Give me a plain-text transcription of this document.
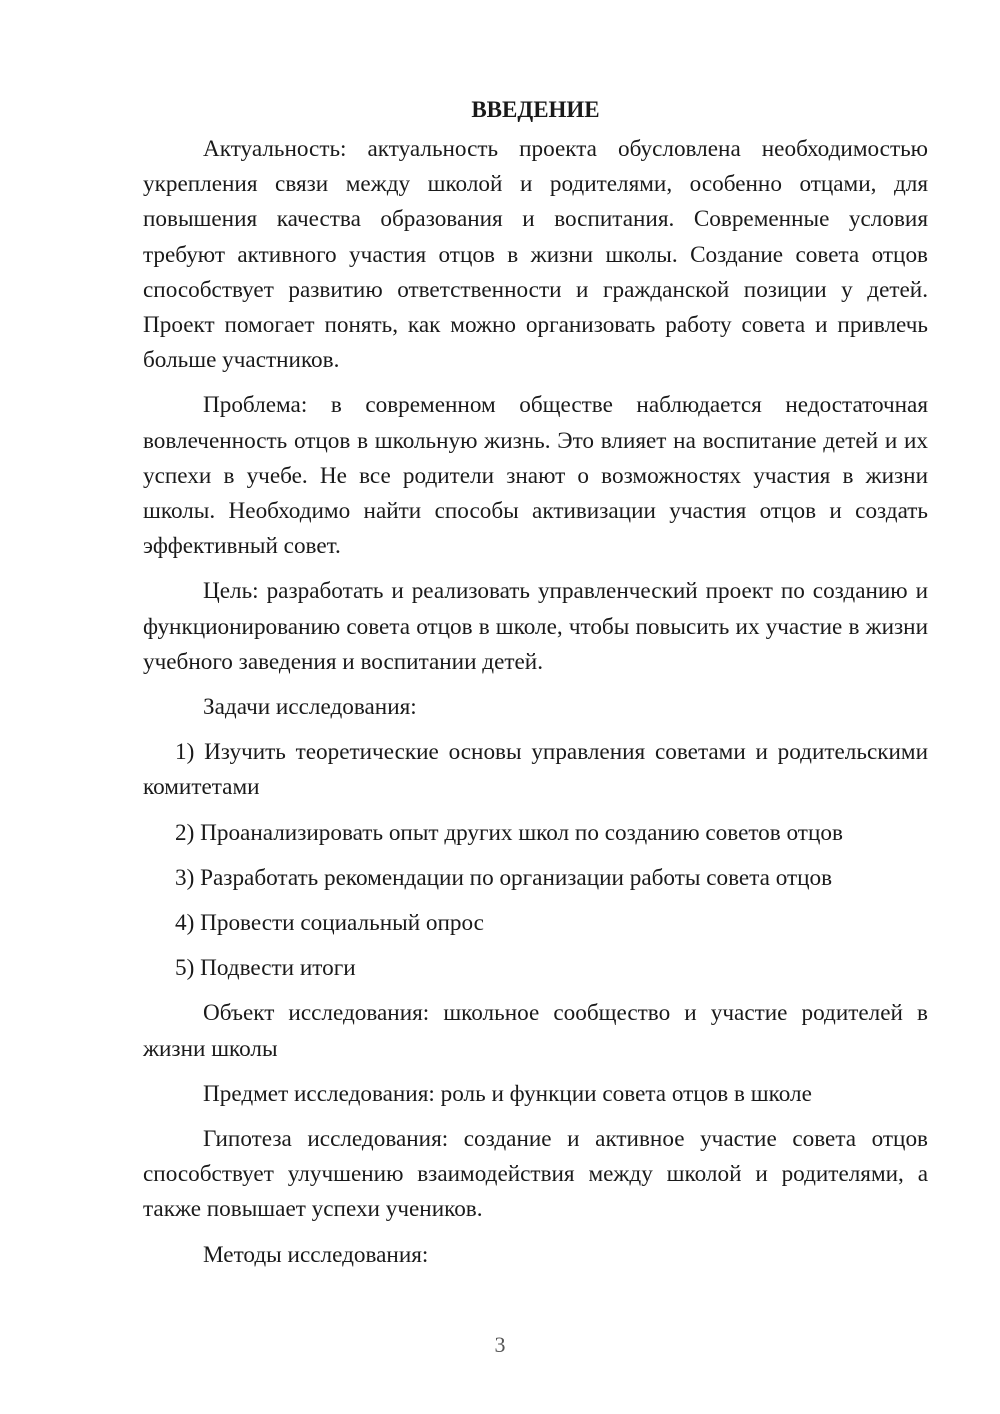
ВВЕДЕНИЕ

Актуальность: актуальность проекта обусловлена необходимостью укрепления связи между школой и родителями, особенно отцами, для повышения качества образования и воспитания. Современные условия требуют активного участия отцов в жизни школы. Создание совета отцов способствует развитию ответственности и гражданской позиции у детей. Проект помогает понять, как можно организовать работу совета и привлечь больше участников.

Проблема: в современном обществе наблюдается недостаточная вовлеченность отцов в школьную жизнь. Это влияет на воспитание детей и их успехи в учебе. Не все родители знают о возможностях участия в жизни школы. Необходимо найти способы активизации участия отцов и создать эффективный совет.

Цель: разработать и реализовать управленческий проект по созданию и функционированию совета отцов в школе, чтобы повысить их участие в жизни учебного заведения и воспитании детей.

Задачи исследования:

1) Изучить теоретические основы управления советами и родительскими комитетами

2) Проанализировать опыт других школ по созданию советов отцов

3) Разработать рекомендации по организации работы совета отцов

4) Провести социальный опрос

5) Подвести итоги

Объект исследования: школьное сообщество и участие родителей в жизни школы

Предмет исследования: роль и функции совета отцов в школе

Гипотеза исследования: создание и активное участие совета отцов способствует улучшению взаимодействия между школой и родителями, а также повышает успехи учеников.

Методы исследования:

3
